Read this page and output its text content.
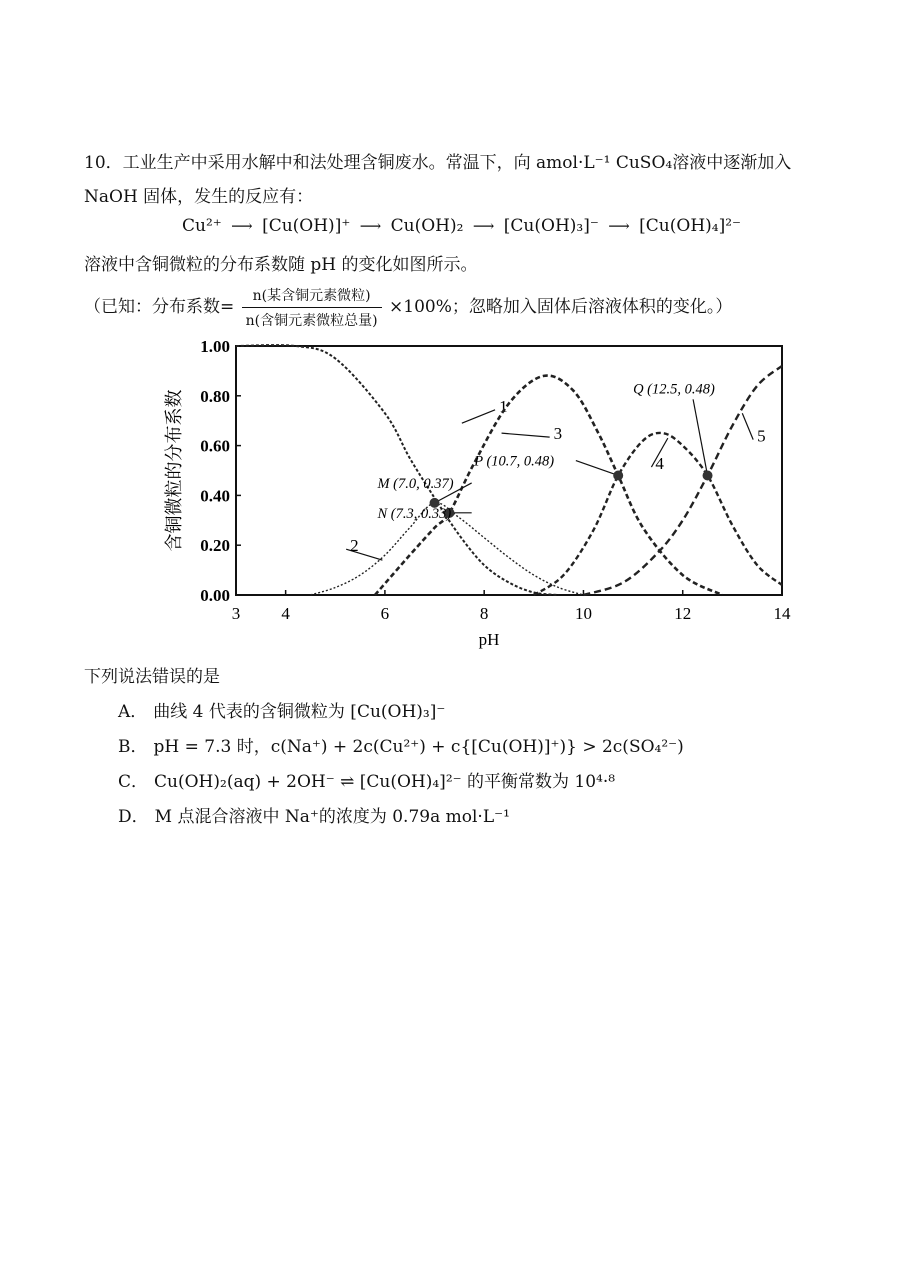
10．工业生产中采用水解中和法处理含铜废水。常温下，向 amol·L⁻¹ CuSO₄溶液中逐渐加入
NaOH 固体，发生的反应有：
Cu²⁺ ⟶ [Cu(OH)]⁺ ⟶ Cu(OH)₂ ⟶ [Cu(OH)₃]⁻ ⟶ [Cu(OH)₄]²⁻
溶液中含铜微粒的分布系数随 pH 的变化如图所示。
（已知：分布系数= $\frac{\text{n(某含铜元素微粒)}}{\text{n(含铜元素微粒总量)}} \times 100\%$；忽略加入固体后溶液体积的变化。）
3 4	6	8	10	12	14
0.00
0.20
0.40
0.60
0.80
1.00
pH
含铜微粒的分布系数	1
2
3
4
5
M (7.0, 0.37)
N (7.3, 0.33)
P (10.7, 0.48)
Q (12.5, 0.48)
下列说法错误的是
A． 曲线 4 代表的含铜微粒为 [Cu(OH)₃]⁻
B． pH = 7.3 时，c(Na⁺) + 2c(Cu²⁺) + c{[Cu(OH)]⁺)} > 2c(SO₄²⁻)
C． Cu(OH)₂(aq) + 2OH⁻ ⇌ [Cu(OH)₄]²⁻ 的平衡常数为 10⁴·⁸
D． M 点混合溶液中 Na⁺的浓度为 0.79a mol·L⁻¹
